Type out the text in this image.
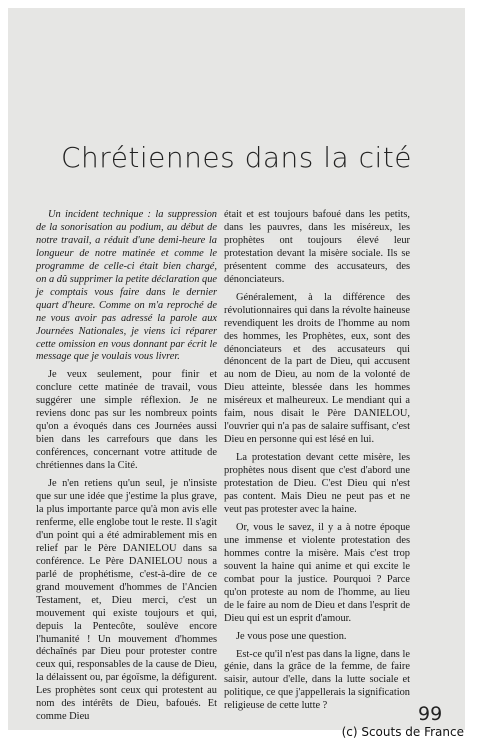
Chrétiennes dans la cité

Un incident technique : la suppression de la sonorisation au podium, au début de notre travail, a réduit d'une demi-heure la longueur de notre matinée et comme le programme de celle-ci était bien chargé, on a dû supprimer la petite déclaration que je comptais vous faire dans le dernier quart d'heure. Comme on m'a reproché de ne vous avoir pas adressé la parole aux Journées Nationales, je viens ici réparer cette omission en vous donnant par écrit le message que je voulais vous livrer.

Je veux seulement, pour finir et conclure cette matinée de travail, vous suggérer une simple réflexion. Je ne reviens donc pas sur les nombreux points qu'on a évoqués dans ces Journées aussi bien dans les carrefours que dans les conférences, concernant votre attitude de chrétiennes dans la Cité.

Je n'en retiens qu'un seul, je n'insiste que sur une idée que j'estime la plus grave, la plus importante parce qu'à mon avis elle renferme, elle englobe tout le reste. Il s'agit d'un point qui a été admirablement mis en relief par le Père DANIELOU dans sa conférence. Le Père DANIELOU nous a parlé de prophétisme, c'est-à-dire de ce grand mouvement d'hommes de l'Ancien Testament, et, Dieu merci, c'est un mouvement qui existe toujours et qui, depuis la Pentecôte, soulève encore l'humanité ! Un mouvement d'hommes déchaînés par Dieu pour protester contre ceux qui, responsables de la cause de Dieu, la délaissent ou, par égoïsme, la défigurent. Les prophètes sont ceux qui protestent au nom des intérêts de Dieu, bafoués. Et comme Dieu

était et est toujours bafoué dans les petits, dans les pauvres, dans les miséreux, les prophètes ont toujours élevé leur protestation devant la misère sociale. Ils se présentent comme des accusateurs, des dénonciateurs.

Généralement, à la différence des révolutionnaires qui dans la révolte haineuse revendiquent les droits de l'homme au nom des hommes, les Prophètes, eux, sont des dénonciateurs et des accusateurs qui dénoncent de la part de Dieu, qui accusent au nom de Dieu, au nom de la volonté de Dieu atteinte, blessée dans les hommes miséreux et malheureux. Le mendiant qui a faim, nous disait le Père DANIELOU, l'ouvrier qui n'a pas de salaire suffisant, c'est Dieu en personne qui est lésé en lui.

La protestation devant cette misère, les prophètes nous disent que c'est d'abord une protestation de Dieu. C'est Dieu qui n'est pas content. Mais Dieu ne peut pas et ne veut pas protester avec la haine.

Or, vous le savez, il y a à notre époque une immense et violente protestation des hommes contre la misère. Mais c'est trop souvent la haine qui anime et qui excite le combat pour la justice. Pourquoi ? Parce qu'on proteste au nom de l'homme, au lieu de le faire au nom de Dieu et dans l'esprit de Dieu qui est un esprit d'amour.

Je vous pose une question.

Est-ce qu'il n'est pas dans la ligne, dans le génie, dans la grâce de la femme, de faire saisir, autour d'elle, dans la lutte sociale et politique, ce que j'appellerais la signification religieuse de cette lutte ?	99
(c) Scouts de France
